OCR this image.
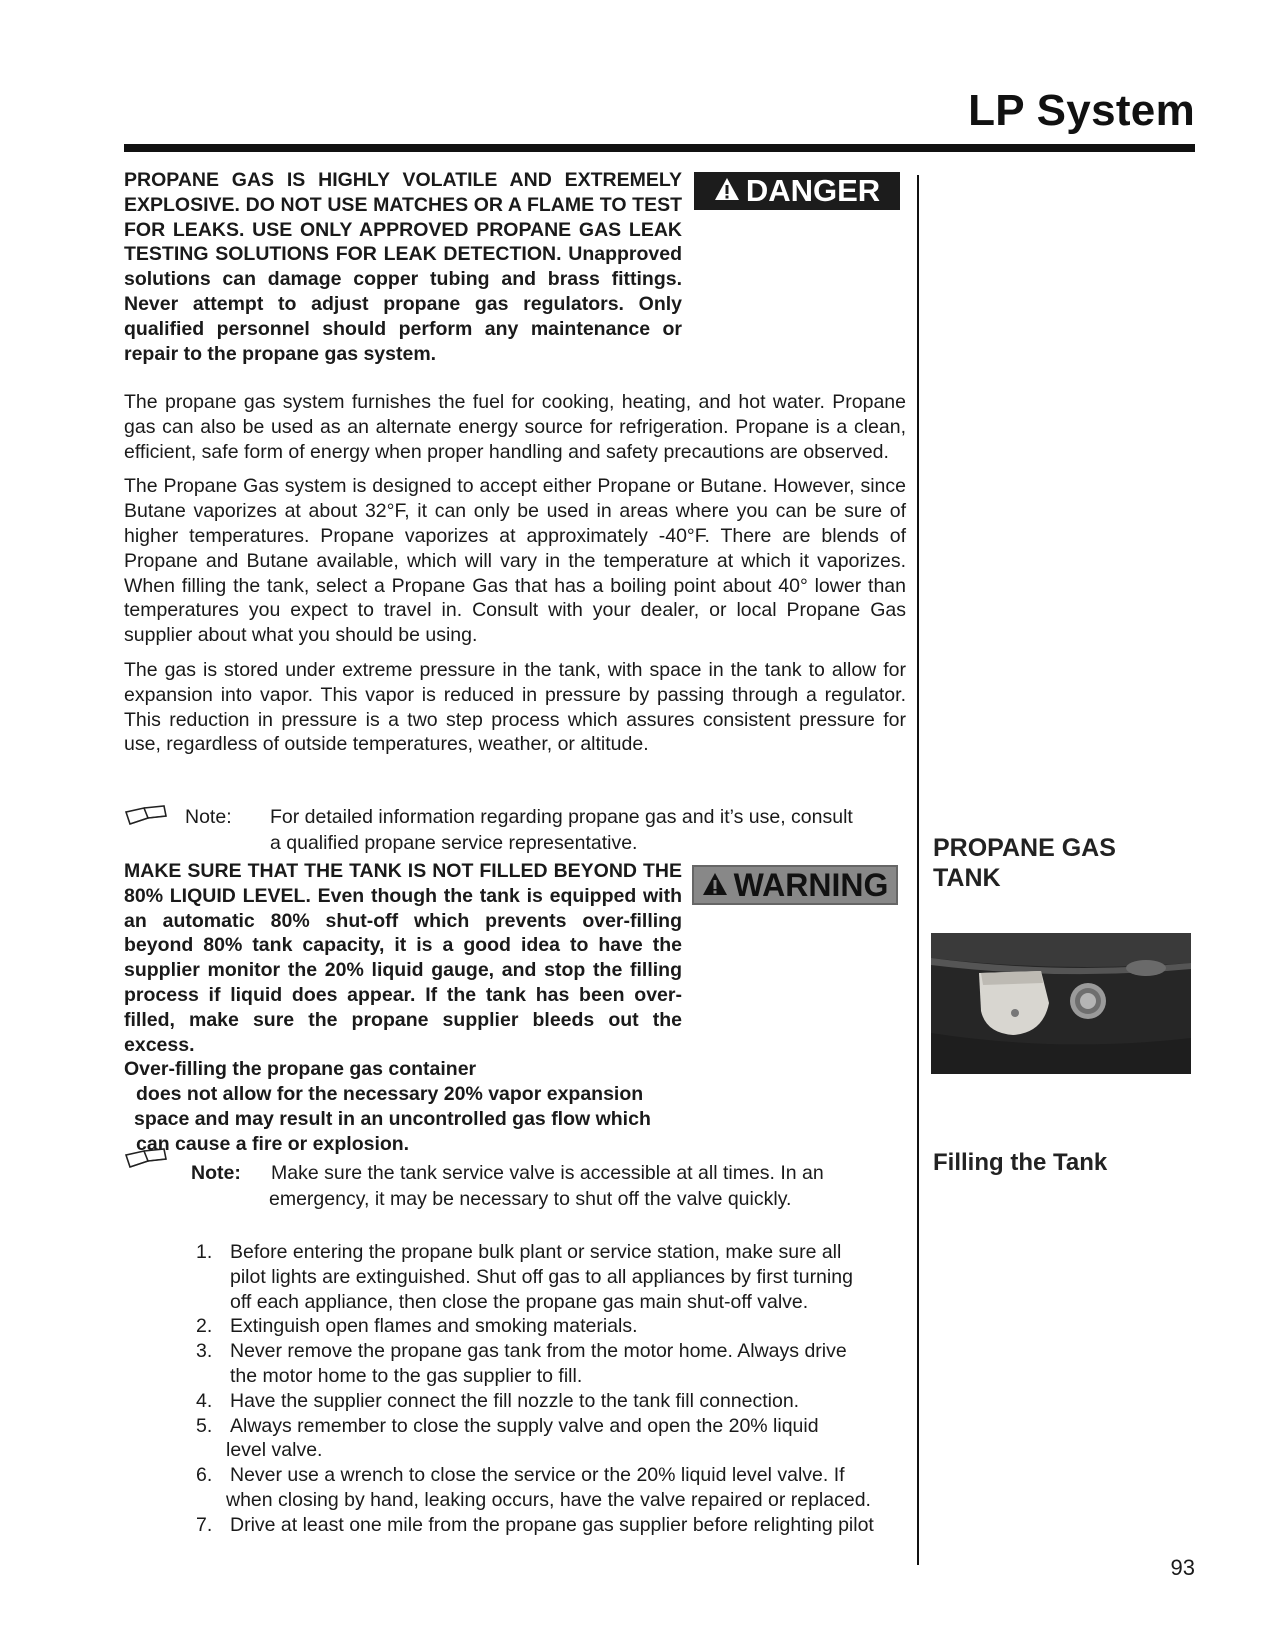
LP System
PROPANE GAS IS HIGHLY VOLATILE AND EXTREMELY EXPLOSIVE. DO NOT USE MATCHES OR A FLAME TO TEST FOR LEAKS. USE ONLY APPROVED PROPANE GAS LEAK TESTING SOLUTIONS FOR LEAK DETECTION. Unapproved solutions can damage copper tubing and brass fittings. Never attempt to adjust propane gas regulators. Only qualified personnel should perform any maintenance or repair to the propane gas system.
DANGER

The propane gas system furnishes the fuel for cooking, heating, and hot water. Propane gas can also be used as an alternate energy source for refrigeration. Propane is a clean, efficient, safe form of energy when proper handling and safety precautions are observed.

The Propane Gas system is designed to accept either Propane or Butane. However, since Butane vaporizes at about 32°F, it can only be used in areas where you can be sure of higher temperatures. Propane vaporizes at approximately -40°F. There are blends of Propane and Butane available, which will vary in the temperature at which it vaporizes. When filling the tank, select a Propane Gas that has a boiling point about 40° lower than temperatures you expect to travel in. Consult with your dealer, or local Propane Gas supplier about what you should be using.

The gas is stored under extreme pressure in the tank, with space in the tank to allow for expansion into vapor. This vapor is reduced in pressure by passing through a regulator. This reduction in pressure is a two step process which assures consistent pressure for use, regardless of outside temperatures, weather, or altitude.

Note: For detailed information regarding propane gas and it’s use, consult
a qualified propane service representative.
MAKE SURE THAT THE TANK IS NOT FILLED BEYOND THE 80% LIQUID LEVEL. Even though the tank is equipped with an automatic 80% shut-off which prevents over-filling beyond 80% tank capacity, it is a good idea to have the supplier monitor the 20% liquid gauge, and stop the filling process if liquid does appear. If the tank has been over-filled, make sure the propane supplier bleeds out the excess.
Over-filling the propane gas container
does not allow for the necessary 20% vapor expansion
space and may result in an uncontrolled gas flow which
can cause a fire or explosion.
WARNING
Note: Make sure the tank service valve is accessible at all times. In an
emergency, it may be necessary to shut off the valve quickly.
1. Before entering the propane bulk plant or service station, make sure all
pilot lights are extinguished. Shut off gas to all appliances by first turning
off each appliance, then close the propane gas main shut-off valve.
2. Extinguish open flames and smoking materials.
3. Never remove the propane gas tank from the motor home. Always drive
the motor home to the gas supplier to fill.
4. Have the supplier connect the fill nozzle to the tank fill connection.
5. Always remember to close the supply valve and open the 20% liquid
level valve.
6. Never use a wrench to close the service or the 20% liquid level valve. If
when closing by hand, leaking occurs, have the valve repaired or replaced.
7. Drive at least one mile from the propane gas supplier before relighting pilot
PROPANE GAS TANK
Filling the Tank
93
